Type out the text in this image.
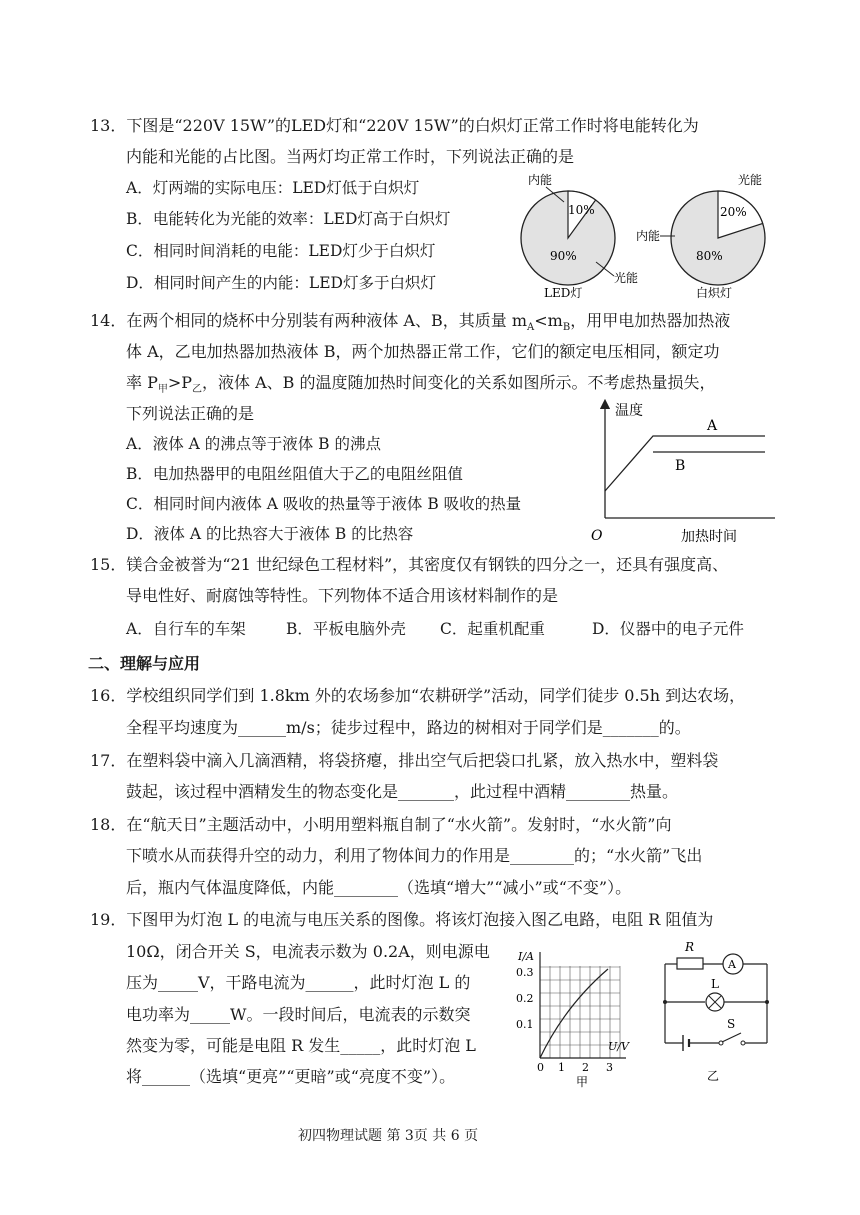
13．下图是“220V 15W”的LED灯和“220V 15W”的白炽灯正常工作时将电能转化为
内能和光能的占比图。当两灯均正常工作时，下列说法正确的是
A．灯两端的实际电压：LED灯低于白炽灯
B．电能转化为光能的效率：LED灯高于白炽灯
C．相同时间消耗的电能：LED灯少于白炽灯
D．相同时间产生的内能：LED灯多于白炽灯
内能
10%
90%
光能
LED灯
光能
20%
内能
80%
白炽灯
14．在两个相同的烧杯中分别装有两种液体 A、B，其质量 $m_A<m_B$，用甲电加热器加热液
体 A，乙电加热器加热液体 B，两个加热器正常工作，它们的额定电压相同，额定功
率 $P_甲>P_乙$，液体 A、B 的温度随加热时间变化的关系如图所示。不考虑热量损失，
下列说法正确的是
A．液体 A 的沸点等于液体 B 的沸点
B．电加热器甲的电阻丝阻值大于乙的电阻丝阻值
C．相同时间内液体 A 吸收的热量等于液体 B 吸收的热量
D．液体 A 的比热容大于液体 B 的比热容
温度
O	加热时间
A
B
15．镁合金被誉为“21 世纪绿色工程材料”，其密度仅有钢铁的四分之一，还具有强度高、
导电性好、耐腐蚀等特性。下列物体不适合用该材料制作的是
A．自行车的车架	B．平板电脑外壳 C．起重机配重	D．仪器中的电子元件
二、理解与应用
16．学校组织同学们到 1.8km 外的农场参加“农耕研学”活动，同学们徒步 0.5h 到达农场，
全程平均速度为______m/s；徒步过程中，路边的树相对于同学们是_______的。
17．在塑料袋中滴入几滴酒精，将袋挤瘪，排出空气后把袋口扎紧，放入热水中，塑料袋
鼓起，该过程中酒精发生的物态变化是_______，此过程中酒精________热量。
18．在“航天日”主题活动中，小明用塑料瓶自制了“水火箭”。发射时，“水火箭”向
下喷水从而获得升空的动力，利用了物体间力的作用是________的；“水火箭”飞出
后，瓶内气体温度降低，内能________（选填“增大”“减小”或“不变”）。
19．下图甲为灯泡 L 的电流与电压关系的图像。将该灯泡接入图乙电路，电阻 R 阻值为
10Ω，闭合开关 S，电流表示数为 0.2A，则电源电
压为_____V，干路电流为______，此时灯泡 L 的
电功率为_____W。一段时间后，电流表的示数突
然变为零，可能是电阻 R 发生_____，此时灯泡 L
将______（选填“更亮”“更暗”或“亮度不变”）。
I/A
0.3
0.2
0.1
0 1 2 3
U/V
甲
A
R
L
S
乙
初四物理试题 第 3页 共 6 页
